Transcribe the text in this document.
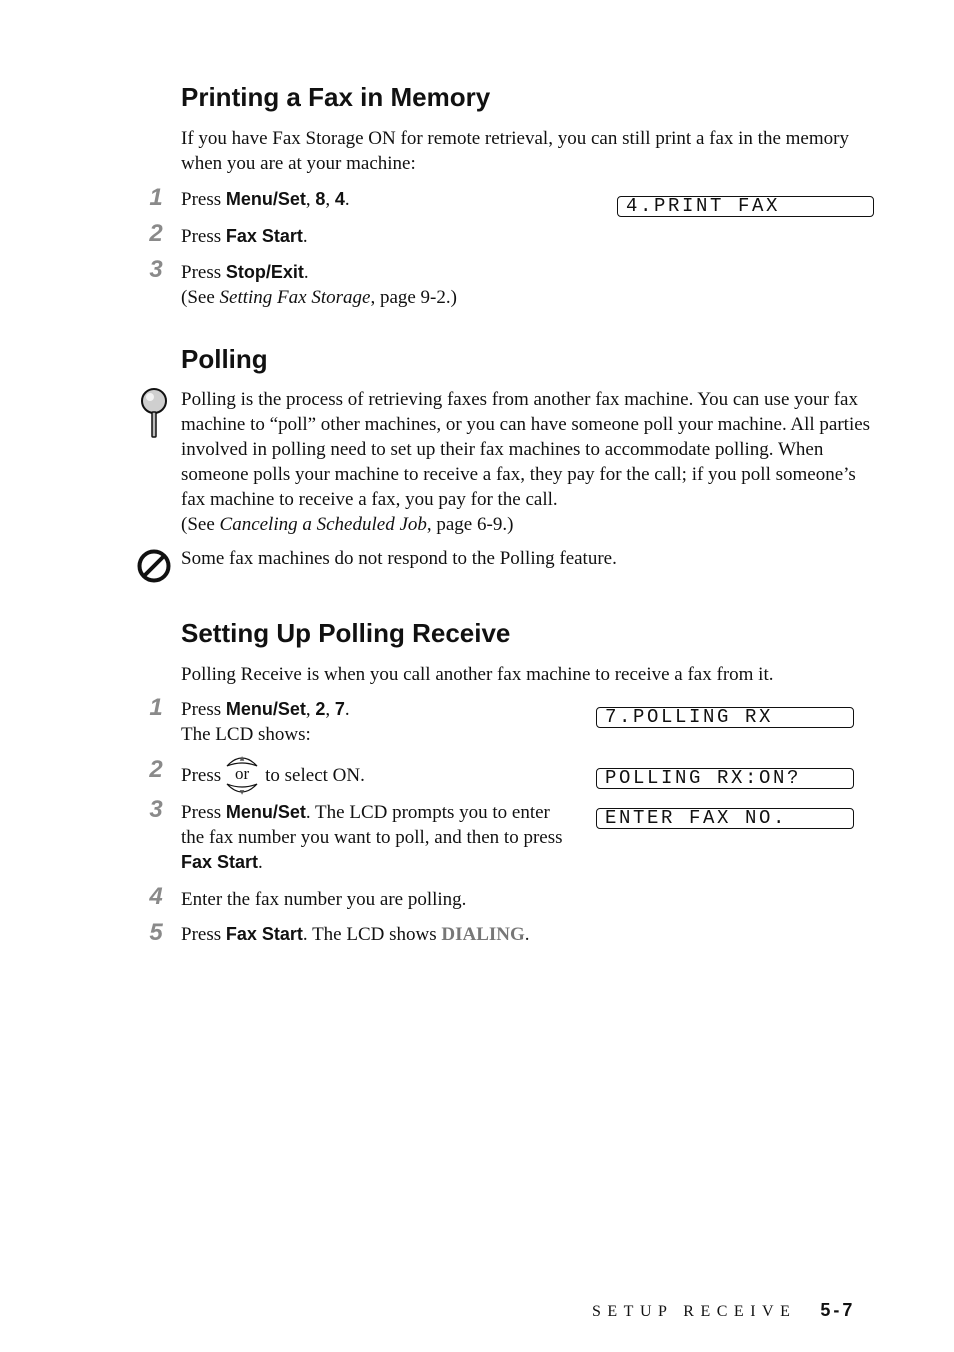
Printing a Fax in Memory

If you have Fax Storage ON for remote retrieval, you can still print a fax in the memory when you are at your machine:

1 Press Menu/Set, 8, 4.

2 Press Fax Start.

3 Press Stop/Exit.
(See Setting Fax Storage, page 9-2.)

4.PRINT FAX
Polling

Polling is the process of retrieving faxes from another fax machine. You can use your fax machine to “poll” other machines, or you can have someone poll your machine. All parties involved in polling need to set up their fax machines to accommodate polling. When someone polls your machine to receive a fax, they pay for the call; if you poll someone’s fax machine to receive a fax, you pay for the call.
(See Canceling a Scheduled Job, page 6-9.)

Some fax machines do not respond to the Polling feature.

Setting Up Polling Receive

Polling Receive is when you call another fax machine to receive a fax from it.

1 Press Menu/Set, 2, 7.
The LCD shows:

2 Press
▲
▼
or to select ON.
3 Press Menu/Set. The LCD prompts you to enter the fax number you want to poll, and then to press Fax Start.

4 Enter the fax number you are polling.

5 Press Fax Start. The LCD shows DIALING.

7.POLLING RX
POLLING RX:ON?
ENTER FAX NO.
SETUP RECEIVE 5-7
